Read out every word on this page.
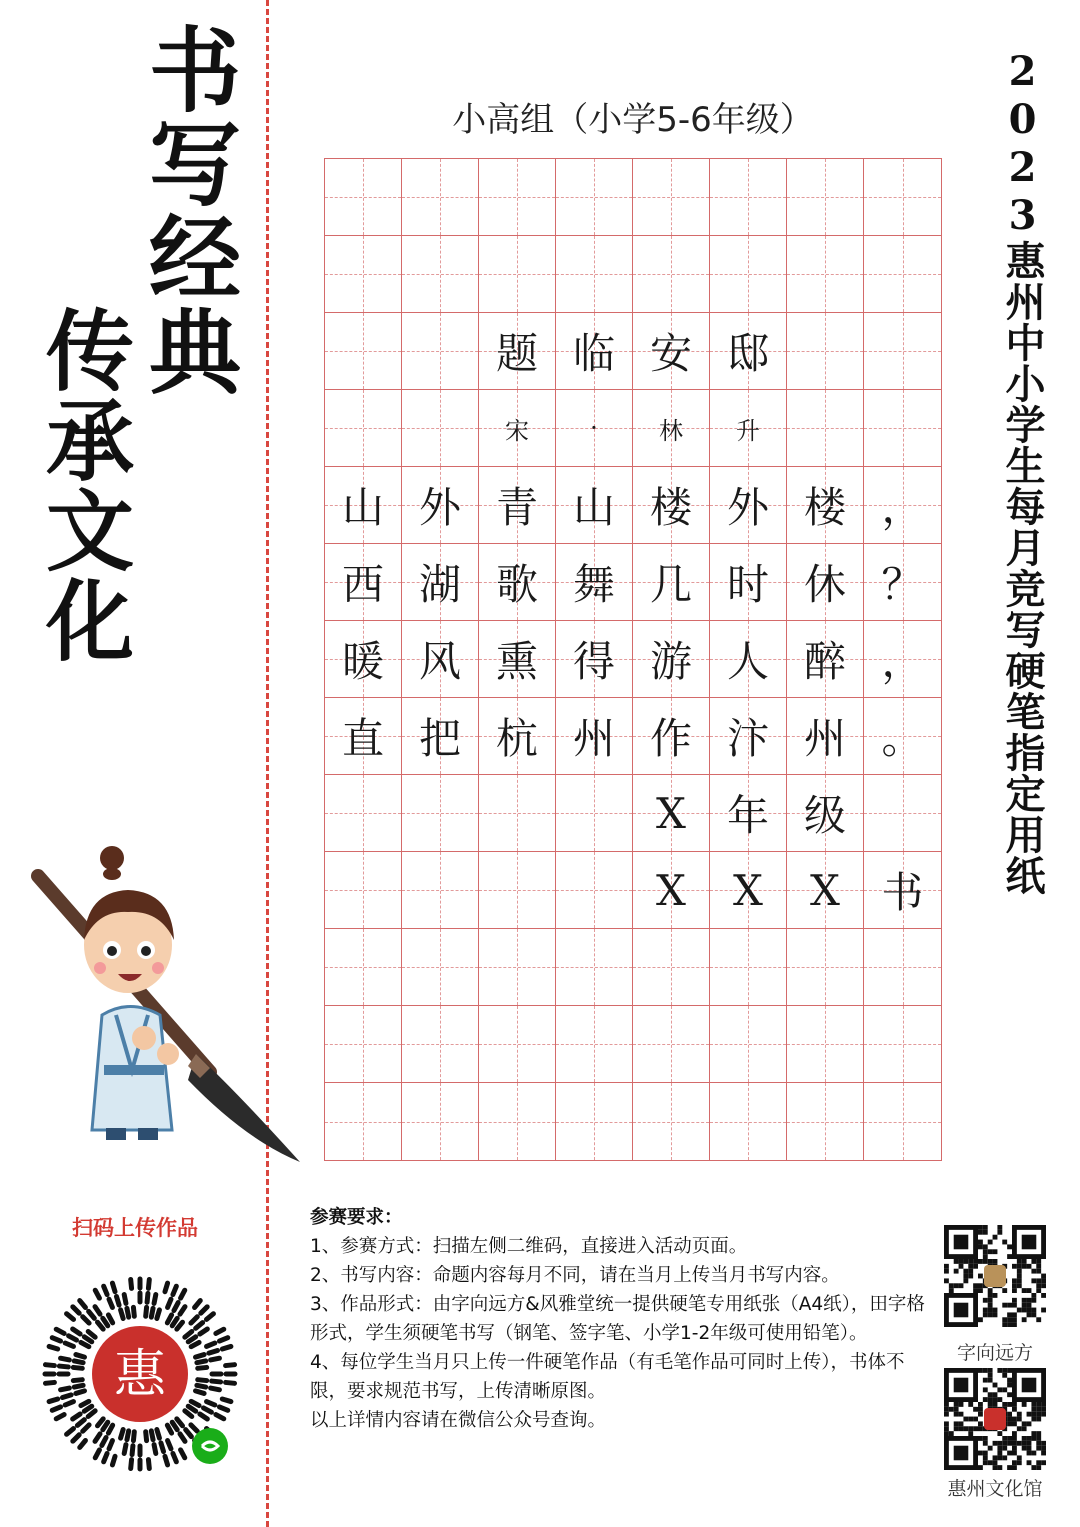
书写经典
传承文化	2023惠州中小学生每月竞写硬笔指定用纸
小高组（小学5-6年级）
题 临 安 邸
宋	·	林 升
山 外 青 山 楼 外 楼 ，
西 湖 歌 舞 几 时 休 ？
暖 风 熏 得 游 人 醉 ，
直 把 杭 州 作 汴 州 。
X 年 级
X X X 书
扫码上传作品
惠	字向远方
惠州文化馆
参赛要求：
1、参赛方式：扫描左侧二维码，直接进入活动页面。
2、书写内容：命题内容每月不同，请在当月上传当月书写内容。
3、作品形式：由字向远方&风雅堂统一提供硬笔专用纸张（A4纸），田字格形式，学生须硬笔书写（钢笔、签字笔、小学1-2年级可使用铅笔）。
4、每位学生当月只上传一件硬笔作品（有毛笔作品可同时上传），书体不限，要求规范书写，上传清晰原图。
以上详情内容请在微信公众号查询。
